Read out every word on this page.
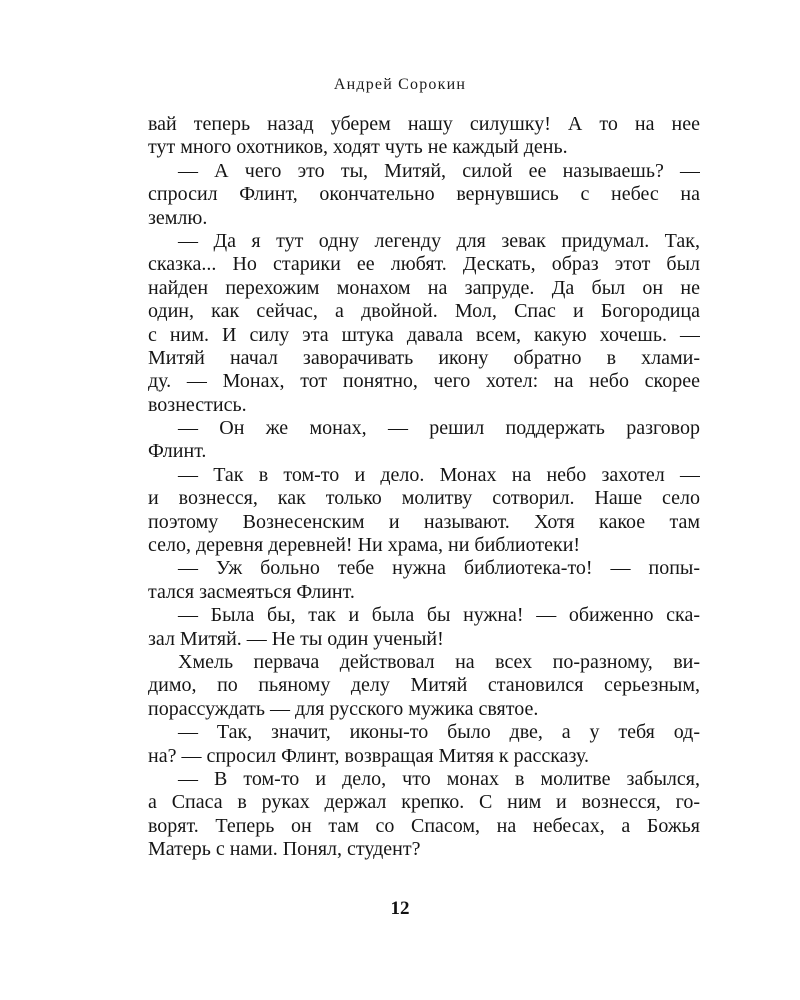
Андрей Сорокин
вай теперь назад уберем нашу силушку! А то на нее
тут много охотников, ходят чуть не каждый день.
— А чего это ты, Митяй, силой ее называешь? —
спросил Флинт, окончательно вернувшись с небес на
землю.
— Да я тут одну легенду для зевак придумал. Так,
сказка... Но старики ее любят. Дескать, образ этот был
найден перехожим монахом на запруде. Да был он не
один, как сейчас, а двойной. Мол, Спас и Богородица
с ним. И силу эта штука давала всем, какую хочешь. —
Митяй начал заворачивать икону обратно в хлами-
ду. — Монах, тот понятно, чего хотел: на небо скорее
вознестись.
— Он же монах, — решил поддержать разговор
Флинт.
— Так в том-то и дело. Монах на небо захотел —
и вознесся, как только молитву сотворил. Наше село
поэтому Вознесенским и называют. Хотя какое там
село, деревня деревней! Ни храма, ни библиотеки!
— Уж больно тебе нужна библиотека-то! — попы-
тался засмеяться Флинт.
— Была бы, так и была бы нужна! — обиженно ска-
зал Митяй. — Не ты один ученый!
Хмель первача действовал на всех по-разному, ви-
димо, по пьяному делу Митяй становился серьезным,
порассуждать — для русского мужика святое.
— Так, значит, иконы-то было две, а у тебя од-
на? — спросил Флинт, возвращая Митяя к рассказу.
— В том-то и дело, что монах в молитве забылся,
а Спаса в руках держал крепко. С ним и вознесся, го-
ворят. Теперь он там со Спасом, на небесах, а Божья
Матерь с нами. Понял, студент?
12
